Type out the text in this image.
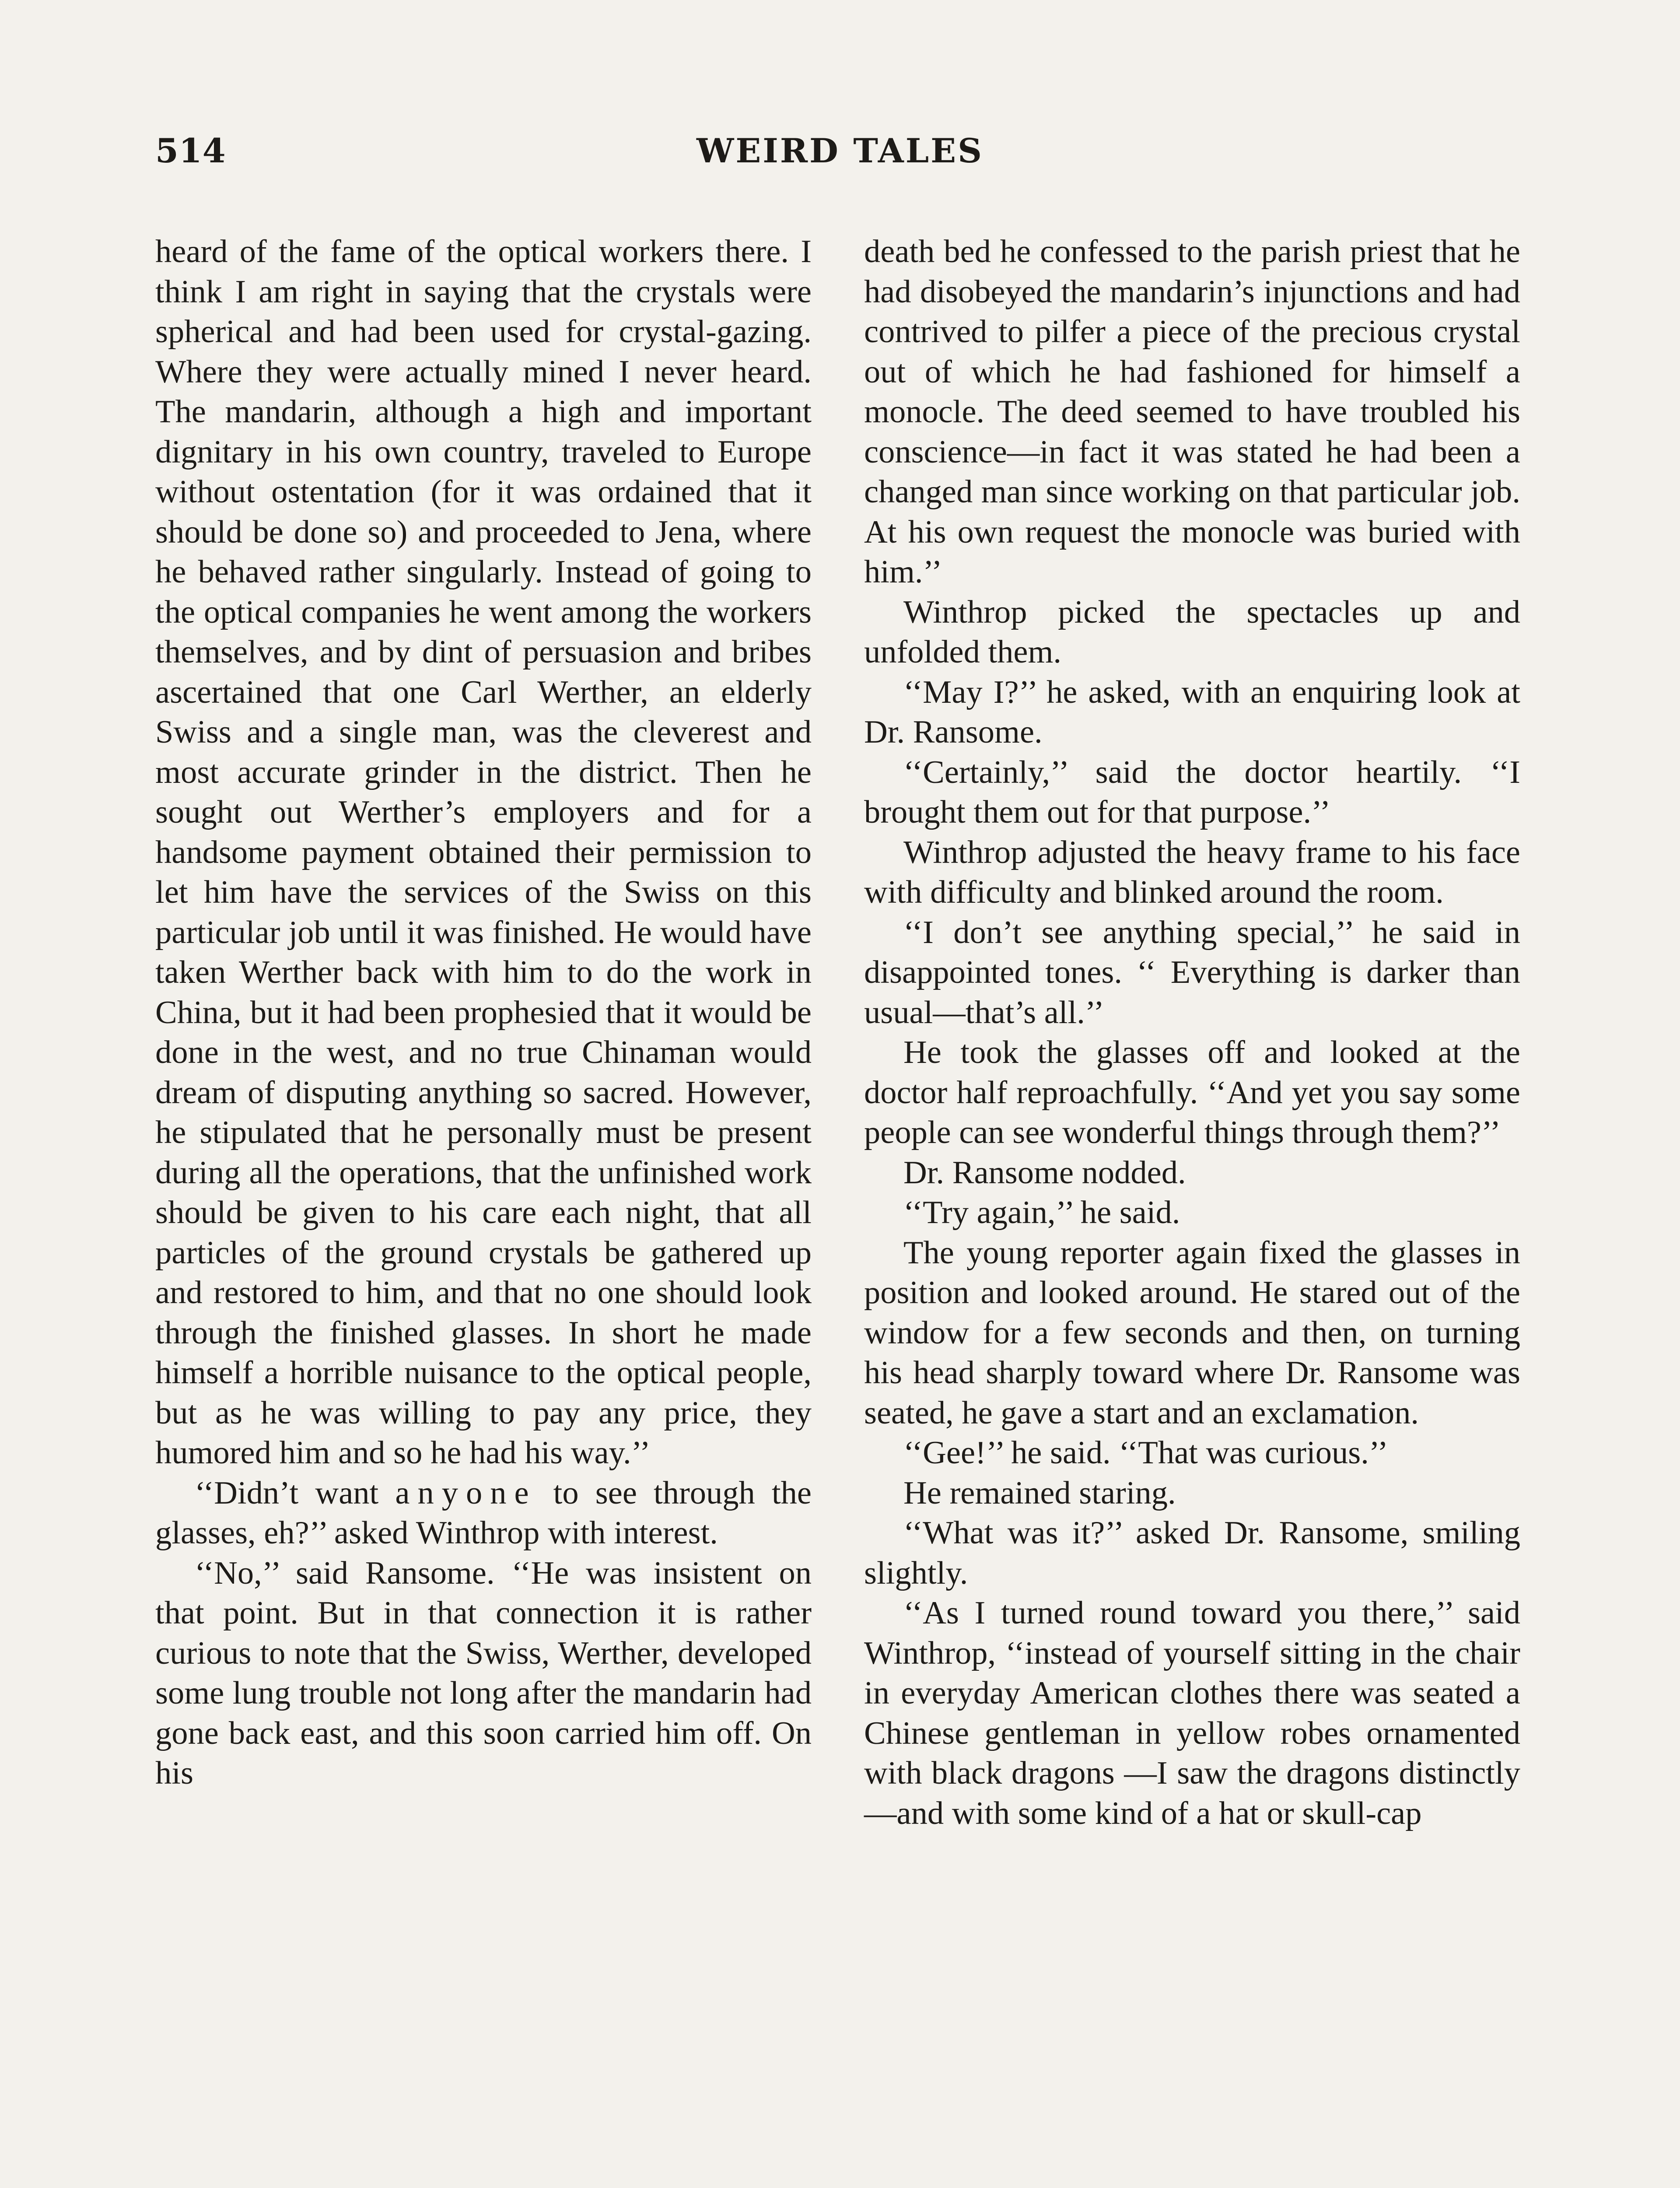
514	WEIRD TALES

heard of the fame of the optical workers there. I think I am right in saying that the crystals were spherical and had been used for crystal-gazing. Where they were actually mined I never heard. The mandarin, although a high and important dignitary in his own country, traveled to Europe without ostentation (for it was ordained that it should be done so) and proceeded to Jena, where he behaved rather singularly. Instead of going to the optical companies he went among the workers themselves, and by dint of persuasion and bribes ascertained that one Carl Werther, an elderly Swiss and a single man, was the cleverest and most accurate grinder in the district. Then he sought out Werther’s employers and for a handsome payment obtained their permission to let him have the services of the Swiss on this particular job until it was finished. He would have taken Werther back with him to do the work in China, but it had been prophesied that it would be done in the west, and no true Chinaman would dream of disputing anything so sacred. However, he stipulated that he personally must be present during all the operations, that the unfinished work should be given to his care each night, that all particles of the ground crystals be gathered up and restored to him, and that no one should look through the finished glasses. In short he made himself a horrible nuisance to the optical people, but as he was willing to pay any price, they humored him and so he had his way.’’

‘‘Didn’t want anyone to see through the glasses, eh?’’ asked Winthrop with interest.

‘‘No,’’ said Ransome. ‘‘He was insistent on that point. But in that connection it is rather curious to note that the Swiss, Werther, developed some lung trouble not long after the mandarin had gone back east, and this soon carried him off. On his

death bed he confessed to the parish priest that he had disobeyed the mandarin’s injunctions and had contrived to pilfer a piece of the precious crystal out of which he had fashioned for himself a monocle. The deed seemed to have troubled his conscience—in fact it was stated he had been a changed man since working on that particular job. At his own request the monocle was buried with him.’’

Winthrop picked the spectacles up and unfolded them.

‘‘May I?’’ he asked, with an enquiring look at Dr. Ransome.

‘‘Certainly,’’ said the doctor heartily. ‘‘I brought them out for that purpose.’’

Winthrop adjusted the heavy frame to his face with difficulty and blinked around the room.

‘‘I don’t see anything special,’’ he said in disappointed tones. ‘‘ Everything is darker than usual—that’s all.’’

He took the glasses off and looked at the doctor half reproachfully. ‘‘And yet you say some people can see wonderful things through them?’’

Dr. Ransome nodded.

‘‘Try again,’’ he said.

The young reporter again fixed the glasses in position and looked around. He stared out of the window for a few seconds and then, on turning his head sharply toward where Dr. Ransome was seated, he gave a start and an exclamation.

‘‘Gee!’’ he said. ‘‘That was curious.’’

He remained staring.

‘‘What was it?’’ asked Dr. Ransome, smiling slightly.

‘‘As I turned round toward you there,’’ said Winthrop, ‘‘instead of yourself sitting in the chair in everyday American clothes there was seated a Chinese gentleman in yellow robes ornamented with black dragons —I saw the dragons distinctly—and with some kind of a hat or skull-cap
